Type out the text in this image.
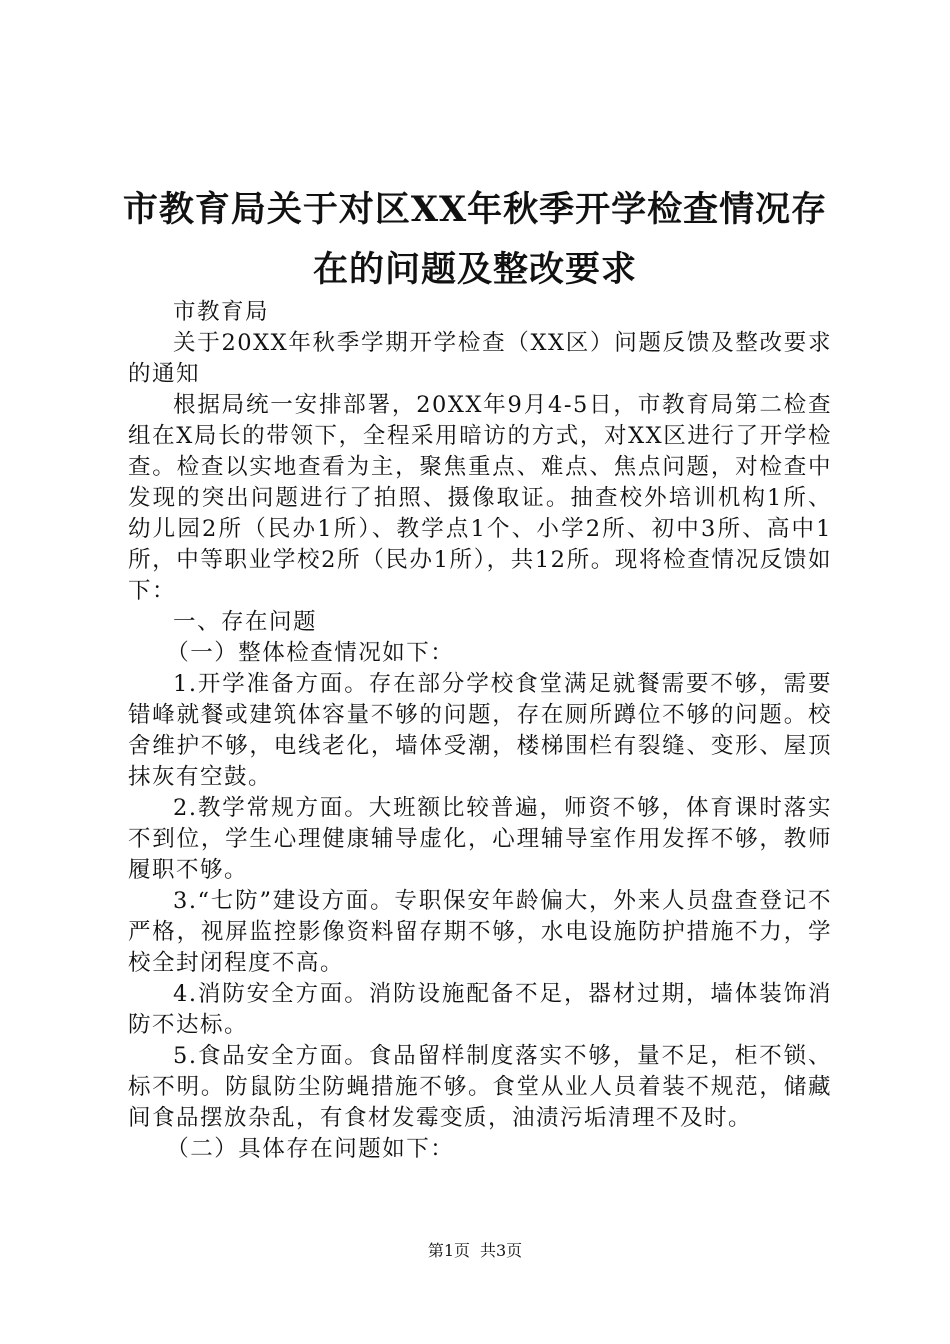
市教育局关于对区XX年秋季开学检查情况存
在的问题及整改要求

市教育局

关于20XX年秋季学期开学检查（XX区）问题反馈及整改要求的通知

根据局统一安排部署，20XX年9月4-5日，市教育局第二检查组在X局长的带领下，全程采用暗访的方式，对XX区进行了开学检查。检查以实地查看为主，聚焦重点、难点、焦点问题，对检查中发现的突出问题进行了拍照、摄像取证。抽查校外培训机构1所、幼儿园2所（民办1所）、教学点1个、小学2所、初中3所、高中1所，中等职业学校2所（民办1所），共12所。现将检查情况反馈如下：

一、存在问题

（一）整体检查情况如下：

1.开学准备方面。存在部分学校食堂满足就餐需要不够，需要错峰就餐或建筑体容量不够的问题，存在厕所蹲位不够的问题。校舍维护不够，电线老化，墙体受潮，楼梯围栏有裂缝、变形、屋顶抹灰有空鼓。

2.教学常规方面。大班额比较普遍，师资不够，体育课时落实不到位，学生心理健康辅导虚化，心理辅导室作用发挥不够，教师履职不够。

3.“七防”建设方面。专职保安年龄偏大，外来人员盘查登记不严格，视屏监控影像资料留存期不够，水电设施防护措施不力，学校全封闭程度不高。

4.消防安全方面。消防设施配备不足，器材过期，墙体装饰消防不达标。

5.食品安全方面。食品留样制度落实不够，量不足，柜不锁、标不明。防鼠防尘防蝇措施不够。食堂从业人员着装不规范，储藏间食品摆放杂乱，有食材发霉变质，油渍污垢清理不及时。

（二）具体存在问题如下：

第1页 共3页
